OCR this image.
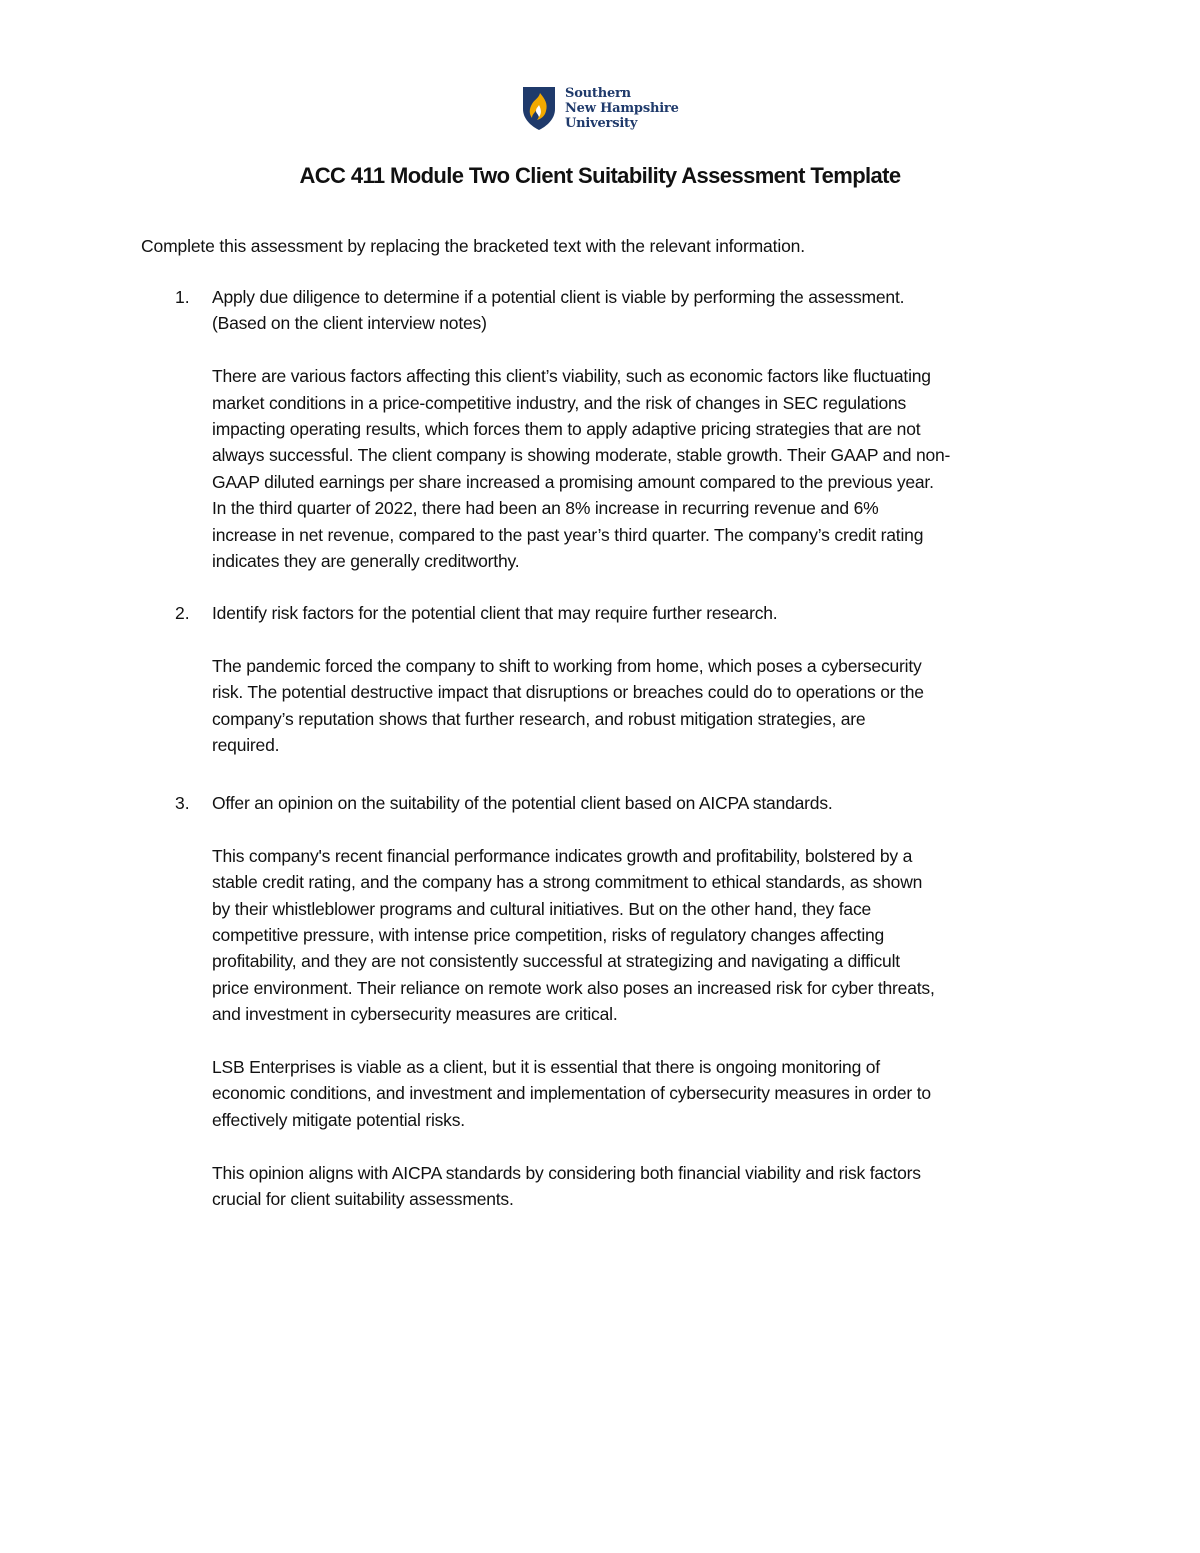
Southern
New Hampshire
University
ACC 411 Module Two Client Suitability Assessment Template
Complete this assessment by replacing the bracketed text with the relevant information.
1. Apply due diligence to determine if a potential client is viable by performing the assessment.
(Based on the client interview notes)

There are various factors affecting this client’s viability, such as economic factors like fluctuating
market conditions in a price-competitive industry, and the risk of changes in SEC regulations
impacting operating results, which forces them to apply adaptive pricing strategies that are not
always successful. The client company is showing moderate, stable growth. Their GAAP and non-
GAAP diluted earnings per share increased a promising amount compared to the previous year.
In the third quarter of 2022, there had been an 8% increase in recurring revenue and 6%
increase in net revenue, compared to the past year’s third quarter. The company’s credit rating
indicates they are generally creditworthy.

2. Identify risk factors for the potential client that may require further research.

The pandemic forced the company to shift to working from home, which poses a cybersecurity
risk. The potential destructive impact that disruptions or breaches could do to operations or the
company’s reputation shows that further research, and robust mitigation strategies, are
required.

3. Offer an opinion on the suitability of the potential client based on AICPA standards.

This company's recent financial performance indicates growth and profitability, bolstered by a
stable credit rating, and the company has a strong commitment to ethical standards, as shown
by their whistleblower programs and cultural initiatives. But on the other hand, they face
competitive pressure, with intense price competition, risks of regulatory changes affecting
profitability, and they are not consistently successful at strategizing and navigating a difficult
price environment. Their reliance on remote work also poses an increased risk for cyber threats,
and investment in cybersecurity measures are critical.

LSB Enterprises is viable as a client, but it is essential that there is ongoing monitoring of
economic conditions, and investment and implementation of cybersecurity measures in order to
effectively mitigate potential risks.

This opinion aligns with AICPA standards by considering both financial viability and risk factors
crucial for client suitability assessments.
